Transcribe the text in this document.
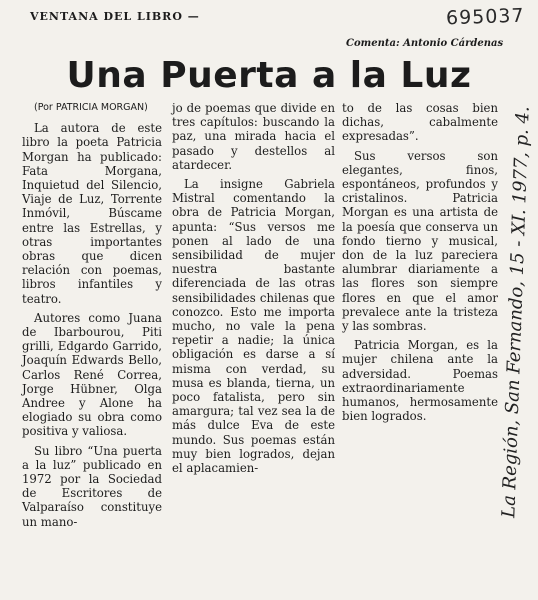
VENTANA DEL LIBRO —	695037
Comenta: Antonio Cárdenas
Una Puerta a la Luz
(Por PATRICIA MORGAN)

La autora de este libro la poeta Patricia Morgan ha publicado: Fata Morgana, Inquietud del Silencio, Viaje de Luz, Torrente Inmóvil, Búscame entre las Estrellas, y otras importantes obras que dicen relación con poemas, libros infantiles y teatro.

Autores como Juana de Ibarbourou, Piti grilli, Edgardo Garrido, Joaquín Edwards Bello, Carlos René Correa, Jorge Hübner, Olga Andree y Alone ha elogiado su obra como positiva y valiosa.

Su libro “Una puerta a la luz” publicado en 1972 por la Sociedad de Escritores de Valparaíso constituye un mano-

jo de poemas que divide en tres capítulos: buscando la paz, una mirada hacia el pasado y destellos al atardecer.

La insigne Gabriela Mistral comentando la obra de Patricia Morgan, apunta: “Sus versos me ponen al lado de una sensibilidad de mujer nuestra bastante diferenciada de las otras sensibilidades chilenas que conozco. Esto me importa mucho, no vale la pena repetir a nadie; la única obligación es darse a sí misma con verdad, su musa es blanda, tierna, un poco fatalista, pero sin amargura; tal vez sea la de más dulce Eva de este mundo. Sus poemas están muy bien logrados, dejan el aplacamien-

to de las cosas bien dichas, cabalmente expresadas”.

Sus versos son elegantes, finos, espontáneos, profundos y cristalinos. Patricia Morgan es una artista de la poesía que conserva un fondo tierno y musical, don de la luz pareciera alumbrar diariamente a las flores son siempre flores en que el amor prevalece ante la tristeza y las sombras.

Patricia Morgan, es la mujer chilena ante la adversidad. Poemas extraordinariamente humanos, hermosamente bien logrados.	La Región, San Fernando, 15 - XI. 1977, p. 4.
